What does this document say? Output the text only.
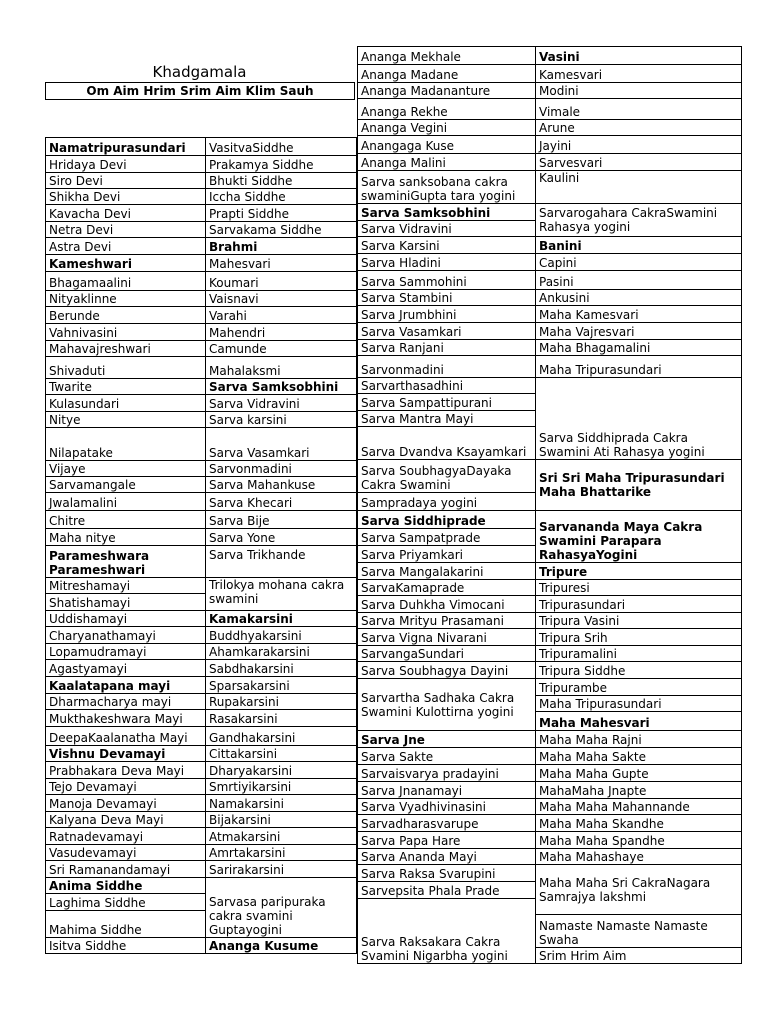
Khadgamala
Om Aim Hrim Srim Aim Klim Sauh
Namatripurasundari	VasitvaSiddhe
Hridaya Devi	Prakamya Siddhe
Siro Devi	Bhukti Siddhe
Shikha Devi	Iccha Siddhe
Kavacha Devi	Prapti Siddhe
Netra Devi	Sarvakama Siddhe
Astra Devi	Brahmi
Kameshwari	Mahesvari
Bhagamaalini	Koumari
Nityaklinne	Vaisnavi
Berunde	Varahi
Vahnivasini	Mahendri
Mahavajreshwari	Camunde
Shivaduti	Mahalaksmi
Twarite	Sarva Samksobhini
Kulasundari	Sarva Vidravini
Nitye	Sarva karsini
Nilapatake	Sarva Vasamkari
Vijaye	Sarvonmadini
Sarvamangale	Sarva Mahankuse
Jwalamalini	Sarva Khecari
Chitre	Sarva Bije
Maha nitye	Sarva Yone
Parameshwara Parameshwari	Sarva Trikhande
Mitreshamayi	Trilokya mohana cakra swamini
Shatishamayi	
Uddishamayi	Kamakarsini
Charyanathamayi	Buddhyakarsini
Lopamudramayi	Ahamkarakarsini
Agastyamayi	Sabdhakarsini
Kaalatapana mayi	Sparsakarsini
Dharmacharya mayi	Rupakarsini
Mukthakeshwara Mayi	Rasakarsini
DeepaKaalanatha Mayi	Gandhakarsini
Vishnu Devamayi	Cittakarsini
Prabhakara Deva Mayi	Dharyakarsini
Tejo Devamayi	Smrtiyikarsini
Manoja Devamayi	Namakarsini
Kalyana Deva Mayi	Bijakarsini
Ratnadevamayi	Atmakarsini
Vasudevamayi	Amrtakarsini
Sri Ramanandamayi	Sarirakarsini
Anima Siddhe	Sarvasa paripuraka cakra svamini Guptayogini
Laghima Siddhe	
Mahima Siddhe	
Isitva Siddhe	Ananga Kusume
Ananga Mekhale	Vasini
Ananga Madane	Kamesvari
Ananga Madananture	Modini
Ananga Rekhe	Vimale
Ananga Vegini	Arune
Anangaga Kuse	Jayini
Ananga Malini	Sarvesvari
Sarva sanksobana cakra swaminiGupta tara yogini	Kaulini
Sarva Samksobhini	Sarvarogahara CakraSwamini Rahasya yogini
Sarva Vidravini	
Sarva Karsini	Banini
Sarva Hladini	Capini
Sarva Sammohini	Pasini
Sarva Stambini	Ankusini
Sarva Jrumbhini	Maha Kamesvari
Sarva Vasamkari	Maha Vajresvari
Sarva Ranjani	Maha Bhagamalini
Sarvonmadini	Maha Tripurasundari
Sarvarthasadhini	Sarva Siddhiprada Cakra Swamini Ati Rahasya yogini
Sarva Sampattipurani	
Sarva Mantra Mayi	
Sarva Dvandva Ksayamkari	
Sarva SoubhagyaDayaka Cakra Swamini	Sri Sri Maha Tripurasundari Maha Bhattarike
Sampradaya yogini	
Sarva Siddhiprade	Sarvananda Maya Cakra Swamini Parapara RahasyaYogini
Sarva Sampatprade	
Sarva Priyamkari	
Sarva Mangalakarini	Tripure
SarvaKamaprade	Tripuresi
Sarva Duhkha Vimocani	Tripurasundari
Sarva Mrityu Prasamani	Tripura Vasini
Sarva Vigna Nivarani	Tripura Srih
SarvangaSundari	Tripuramalini
Sarva Soubhagya Dayini	Tripura Siddhe
Sarvartha Sadhaka Cakra Swamini Kulottirna yogini	Tripurambe

	Maha Tripurasundari
	Maha Mahesvari
Sarva Jne	Maha Maha Rajni
Sarva Sakte	Maha Maha Sakte
Sarvaisvarya pradayini	Maha Maha Gupte
Sarva Jnanamayi	MahaMaha Jnapte
Sarva Vyadhivinasini	Maha Maha Mahannande
Sarvadharasvarupe	Maha Maha Skandhe
Sarva Papa Hare	Maha Maha Spandhe
Sarva Ananda Mayi	Maha Mahashaye
Sarva Raksa Svarupini	Maha Maha Sri CakraNagara Samrajya lakshmi
Sarvepsita Phala Prade	
Sarva Raksakara Cakra Svamini Nigarbha yogini	
	Namaste Namaste Namaste Swaha
	Srim Hrim Aim
